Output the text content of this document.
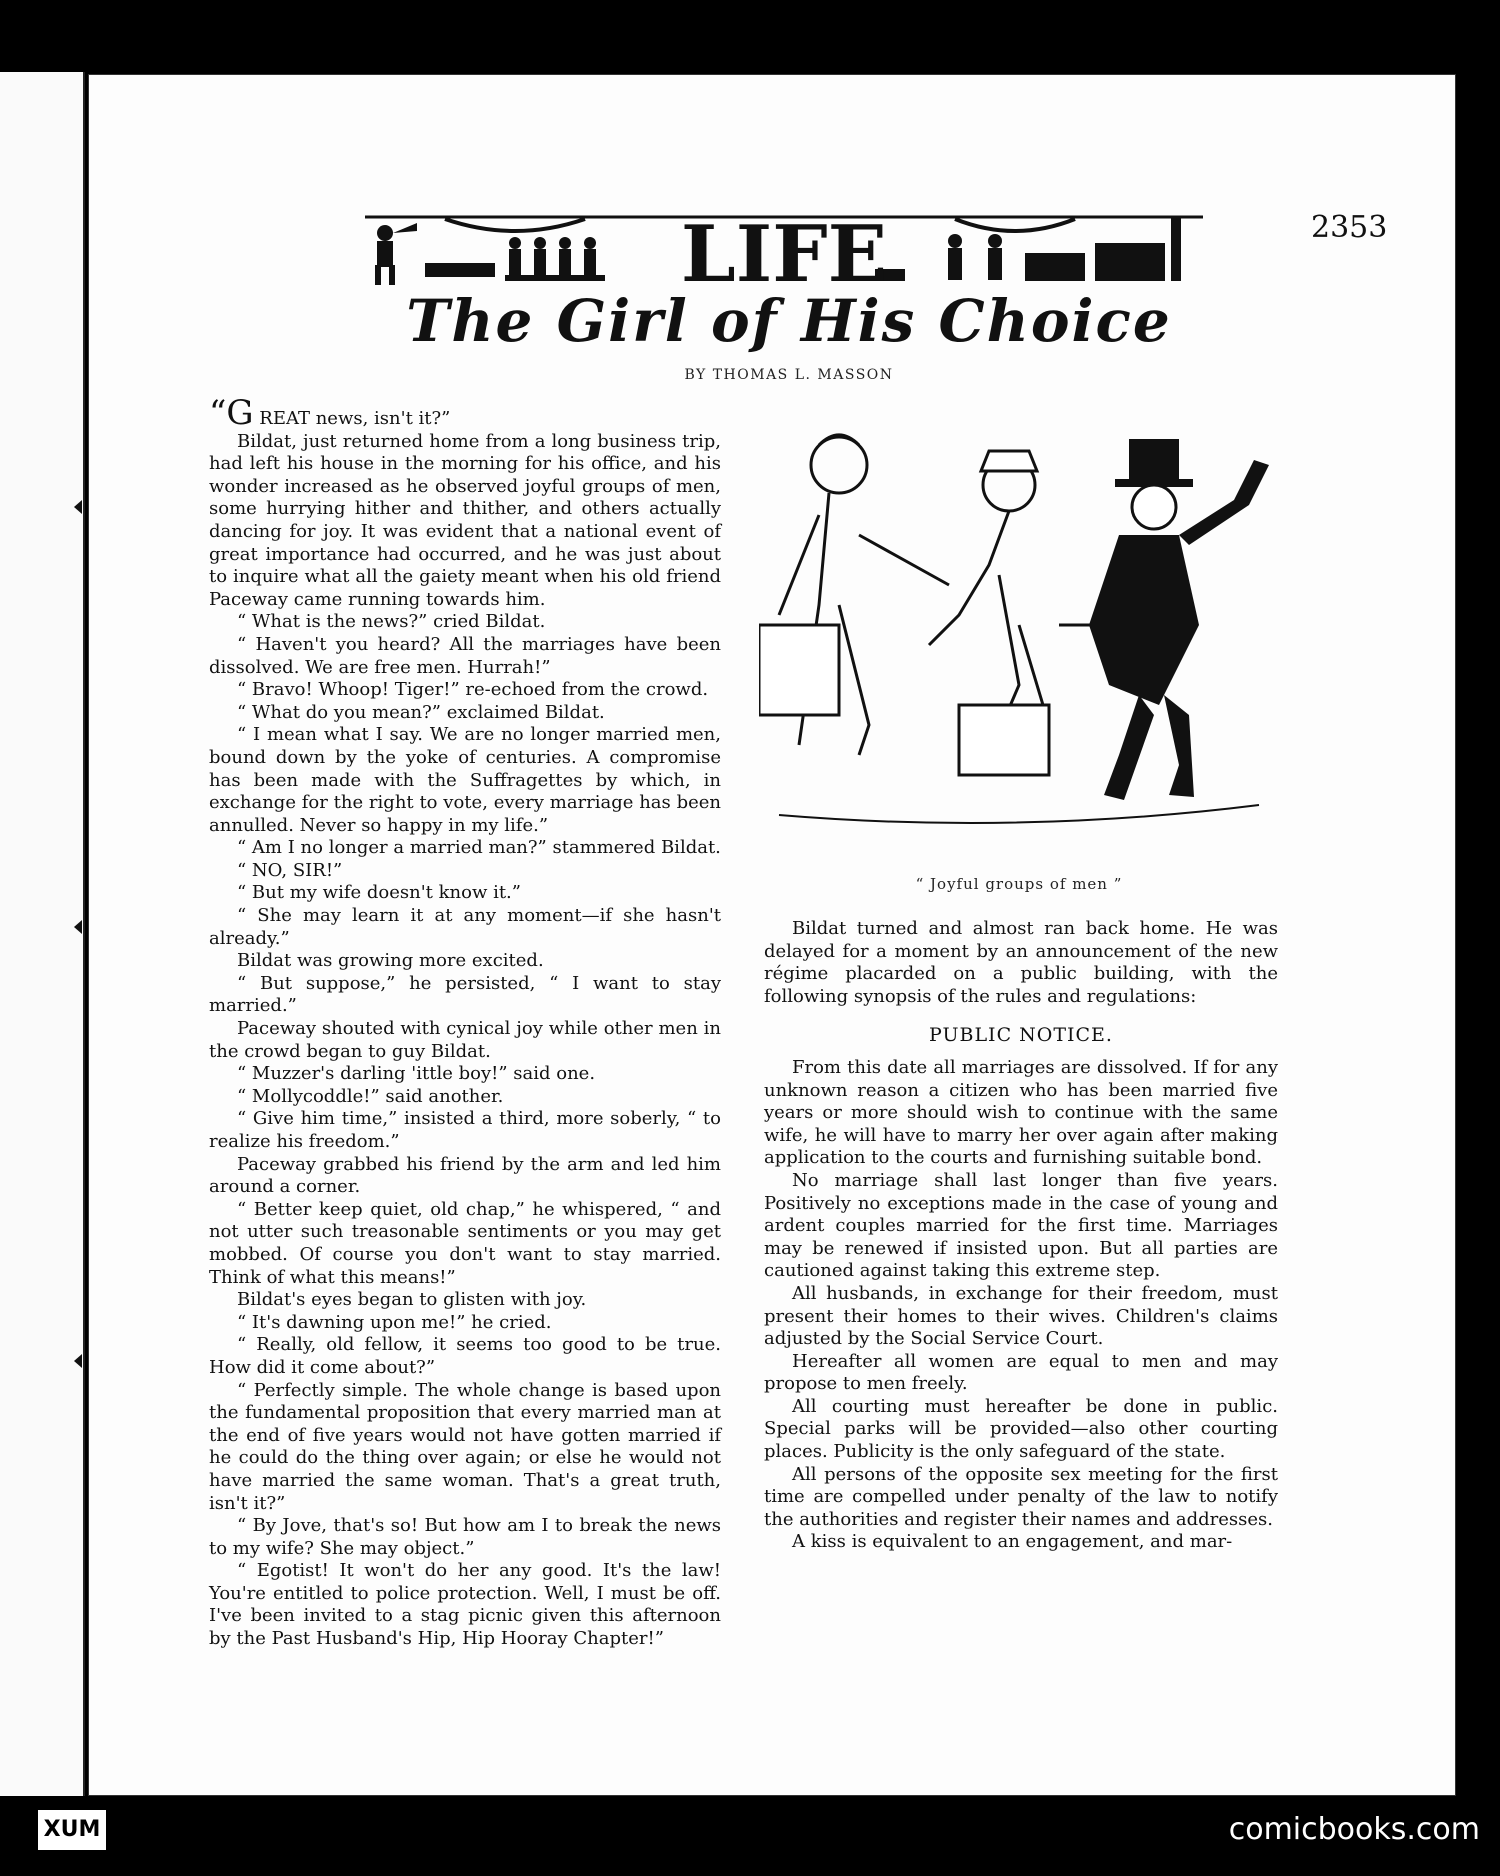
LIFE	2353
The Girl of His Choice
BY THOMAS L. MASSON

“G REAT news, isn't it?”

Bildat, just returned home from a long business trip, had left his house in the morning for his office, and his wonder increased as he observed joyful groups of men, some hurrying hither and thither, and others actually dancing for joy. It was evident that a national event of great importance had occurred, and he was just about to inquire what all the gaiety meant when his old friend Paceway came running towards him.

“ What is the news?” cried Bildat.

“ Haven't you heard? All the marriages have been dissolved. We are free men. Hurrah!”

“ Bravo! Whoop! Tiger!” re-echoed from the crowd.

“ What do you mean?” exclaimed Bildat.

“ I mean what I say. We are no longer married men, bound down by the yoke of centuries. A compromise has been made with the Suffragettes by which, in exchange for the right to vote, every marriage has been annulled. Never so happy in my life.”

“ Am I no longer a married man?” stammered Bildat.

“ NO, SIR!”

“ But my wife doesn't know it.”

“ She may learn it at any moment—if she hasn't already.”

Bildat was growing more excited.

“ But suppose,” he persisted, “ I want to stay married.”

Paceway shouted with cynical joy while other men in the crowd began to guy Bildat.

“ Muzzer's darling 'ittle boy!” said one.

“ Mollycoddle!” said another.

“ Give him time,” insisted a third, more soberly, “ to realize his freedom.”

Paceway grabbed his friend by the arm and led him around a corner.

“ Better keep quiet, old chap,” he whispered, “ and not utter such treasonable sentiments or you may get mobbed. Of course you don't want to stay married. Think of what this means!”

Bildat's eyes began to glisten with joy.

“ It's dawning upon me!” he cried.

“ Really, old fellow, it seems too good to be true. How did it come about?”

“ Perfectly simple. The whole change is based upon the fundamental proposition that every married man at the end of five years would not have gotten married if he could do the thing over again; or else he would not have married the same woman. That's a great truth, isn't it?”

“ By Jove, that's so! But how am I to break the news to my wife? She may object.”

“ Egotist! It won't do her any good. It's the law! You're entitled to police protection. Well, I must be off. I've been invited to a stag picnic given this afternoon by the Past Husband's Hip, Hip Hooray Chapter!”

“ Joyful groups of men ”

Bildat turned and almost ran back home. He was delayed for a moment by an announcement of the new régime placarded on a public building, with the following synopsis of the rules and regulations:

PUBLIC NOTICE.

From this date all marriages are dissolved. If for any unknown reason a citizen who has been married five years or more should wish to continue with the same wife, he will have to marry her over again after making application to the courts and furnishing suitable bond.

No marriage shall last longer than five years. Positively no exceptions made in the case of young and ardent couples married for the first time. Marriages may be renewed if insisted upon. But all parties are cautioned against taking this extreme step.

All husbands, in exchange for their freedom, must present their homes to their wives. Children's claims adjusted by the Social Service Court.

Hereafter all women are equal to men and may propose to men freely.

All courting must hereafter be done in public. Special parks will be provided—also other courting places. Publicity is the only safeguard of the state.

All persons of the opposite sex meeting for the first time are compelled under penalty of the law to notify the authorities and register their names and addresses.

A kiss is equivalent to an engagement, and mar-

XUM	comicbooks.com
